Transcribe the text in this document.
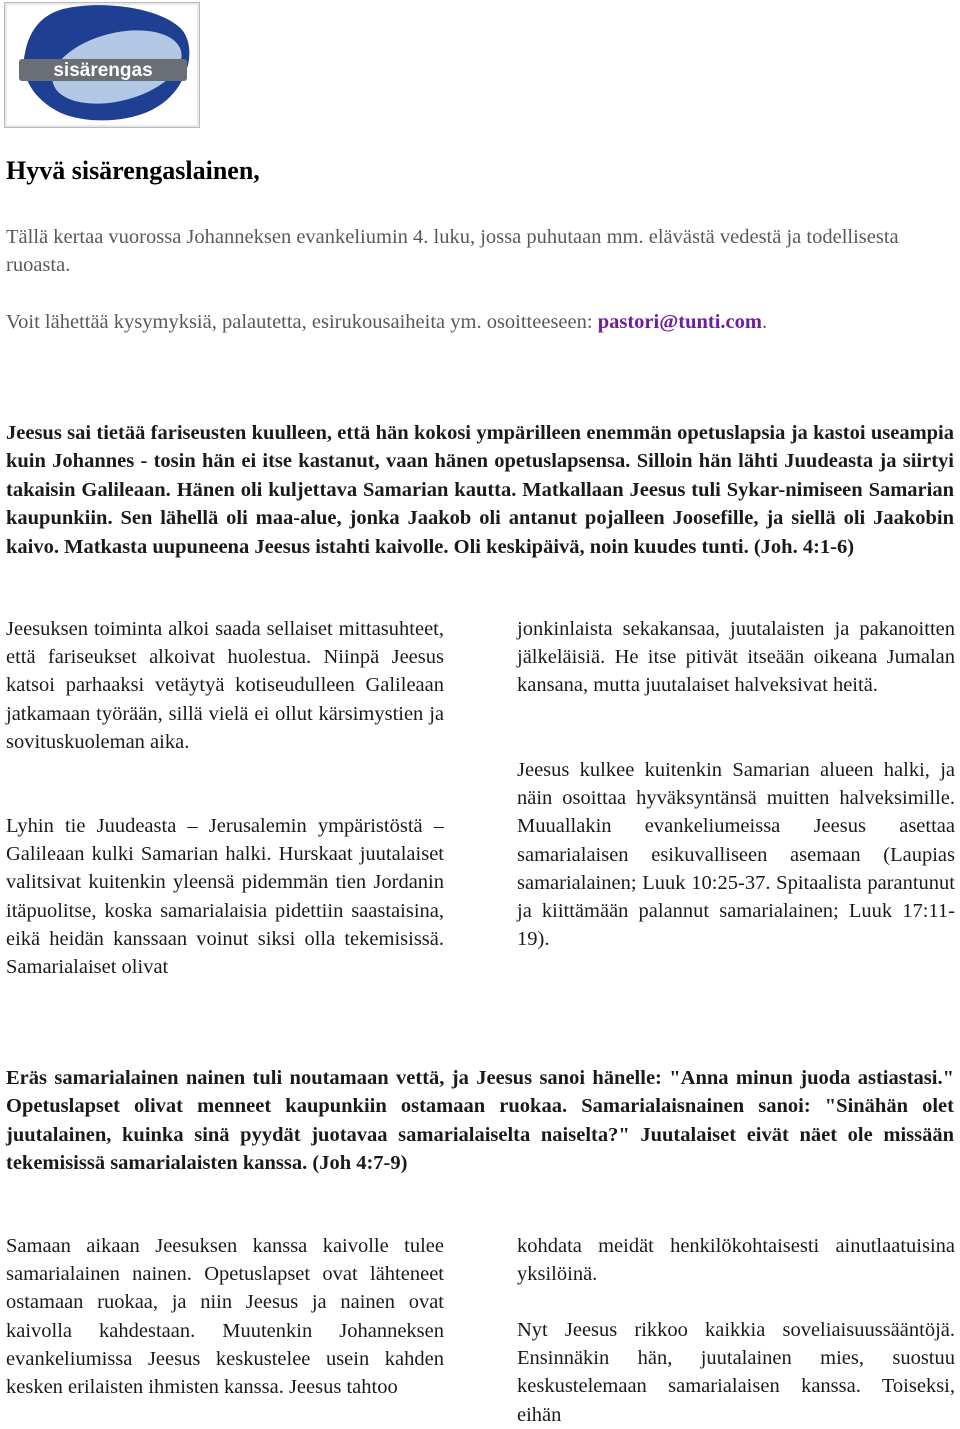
sisärengas
Hyvä sisärengaslainen,

Tällä kertaa vuorossa Johanneksen evankeliumin 4. luku, jossa puhutaan mm. elävästä vedestä ja todellisesta ruoasta.

Voit lähettää kysymyksiä, palautetta, esirukousaiheita ym. osoitteeseen: pastori@tunti.com.

Jeesus sai tietää fariseusten kuulleen, että hän kokosi ympärilleen enemmän opetuslapsia ja kastoi useampia kuin Johannes - tosin hän ei itse kastanut, vaan hänen opetuslapsensa. Silloin hän lähti Juudeasta ja siirtyi takaisin Galileaan. Hänen oli kuljettava Samarian kautta. Matkallaan Jeesus tuli Sykar-nimiseen Samarian kaupunkiin. Sen lähellä oli maa-alue, jonka Jaakob oli antanut pojalleen Joosefille, ja siellä oli Jaakobin kaivo. Matkasta uupuneena Jeesus istahti kaivolle. Oli keskipäivä, noin kuudes tunti. (Joh. 4:1-6)

Jeesuksen toiminta alkoi saada sellaiset mittasuhteet, että fariseukset alkoivat huolestua. Niinpä Jeesus katsoi parhaaksi vetäytyä kotiseudulleen Galileaan jatkamaan työrään, sillä vielä ei ollut kärsimystien ja sovituskuoleman aika.

Lyhin tie Juudeasta – Jerusalemin ympäristöstä – Galileaan kulki Samarian halki. Hurskaat juutalaiset valitsivat kuitenkin yleensä pidemmän tien Jordanin itäpuolitse, koska samarialaisia pidettiin saastaisina, eikä heidän kanssaan voinut siksi olla tekemisissä. Samarialaiset olivat

jonkinlaista sekakansaa, juutalaisten ja pakanoitten jälkeläisiä. He itse pitivät itseään oikeana Jumalan kansana, mutta juutalaiset halveksivat heitä.

Jeesus kulkee kuitenkin Samarian alueen halki, ja näin osoittaa hyväksyntänsä muitten halveksimille. Muuallakin evankeliumeissa Jeesus asettaa samarialaisen esikuvalliseen asemaan (Laupias samarialainen; Luuk 10:25-37. Spitaalista parantunut ja kiittämään palannut samarialainen; Luuk 17:11-19).

Eräs samarialainen nainen tuli noutamaan vettä, ja Jeesus sanoi hänelle: "Anna minun juoda astiastasi." Opetuslapset olivat menneet kaupunkiin ostamaan ruokaa. Samarialaisnainen sanoi: "Sinähän olet juutalainen, kuinka sinä pyydät juotavaa samarialaiselta naiselta?" Juutalaiset eivät näet ole missään tekemisissä samarialaisten kanssa. (Joh 4:7-9)

Samaan aikaan Jeesuksen kanssa kaivolle tulee samarialainen nainen. Opetuslapset ovat lähteneet ostamaan ruokaa, ja niin Jeesus ja nainen ovat kaivolla kahdestaan. Muutenkin Johanneksen evankeliumissa Jeesus keskustelee usein kahden kesken erilaisten ihmisten kanssa. Jeesus tahtoo

kohdata meidät henkilökohtaisesti ainutlaatuisina yksilöinä.

Nyt Jeesus rikkoo kaikkia soveliaisuussääntöjä. Ensinnäkin hän, juutalainen mies, suostuu keskustelemaan samarialaisen kanssa. Toiseksi, eihän
